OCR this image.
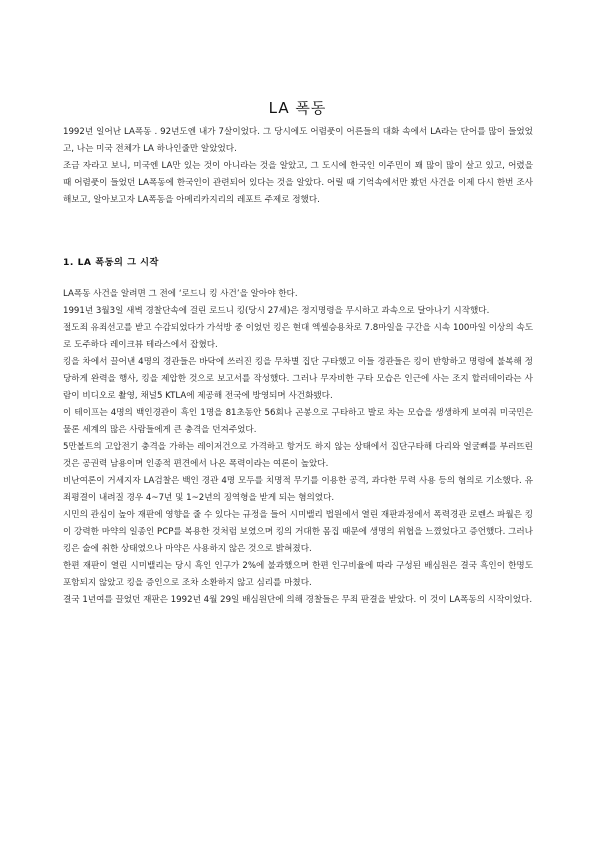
LA 폭동

1992년 일어난 LA폭동 . 92년도엔 내가 7살이었다. 그 당시에도 어렴풋이 어른들의 대화 속에서 LA라는 단어를 많이 들었었고, 나는 미국 전체가 LA 하나인줄만 알았었다.

조금 자라고 보니, 미국엔 LA만 있는 것이 아니라는 것을 알았고, 그 도시에 한국인 이주민이 꽤 많이 많이 살고 있고, 어렸을 때 어렴풋이 들었던 LA폭동에 한국인이 관련되어 있다는 것을 알았다. 어릴 때 기억속에서만 봤던 사건을 이제 다시 한번 조사해보고, 알아보고자 LA폭동을 아메리카지리의 레포트 주제로 정했다.

1. LA 폭동의 그 시작

LA폭동 사건을 알려면 그 전에 ‘로드니 킹 사건’을 알아야 한다.

1991년 3월3일 새벽 경찰단속에 걸린 로드니 킹(당시 27세)은 정지명령을 무시하고 과속으로 달아나기 시작했다.

절도죄 유죄선고를 받고 수감되었다가 가석방 중 이었던 킹은 현대 엑셀승용차로 7.8마일을 구간을 시속 100마일 이상의 속도로 도주하다 레이크뷰 테라스에서 잡혔다.

킹을 차에서 끌어낸 4명의 경관들은 바닥에 쓰러진 킹을 무차별 집단 구타했고 이들 경관들은 킹이 반항하고 명령에 불복해 정당하게 완력을 행사, 킹을 제압한 것으로 보고서를 작성했다. 그러나 무자비한 구타 모습은 인근에 사는 조지 할러데이라는 사람이 비디오로 촬영, 채널5 KTLA에 제공해 전국에 방영되며 사건화됐다.

이 테이프는 4명의 백인경관이 흑인 1명을 81초동안 56회나 곤봉으로 구타하고 발로 차는 모습을 생생하게 보여줘 미국민은 물론 세계의 많은 사람들에게 큰 충격을 던져주었다.

5만볼트의 고압전기 충격을 가하는 레이저건으로 가격하고 항거도 하지 않는 상태에서 집단구타해 다리와 얼굴뼈를 부러뜨린 것은 공권력 남용이며 인종적 편견에서 나온 폭력이라는 여론이 높았다.

비난여론이 거세지자 LA검찰은 백인 경관 4명 모두를 치명적 무기를 이용한 공격, 과다한 무력 사용 등의 혐의로 기소했다. 유죄평결이 내려질 경우 4~7년 및 1~2년의 징역형을 받게 되는 혐의였다.

시민의 관심이 높아 재판에 영향을 줄 수 있다는 규정을 들어 시미밸리 법원에서 열린 재판과정에서 폭력경관 로렌스 파월은 킹이 강력한 마약의 일종인 PCP를 복용한 것처럼 보였으며 킹의 거대한 몸집 때문에 생명의 위협을 느꼈었다고 증언했다. 그러나 킹은 술에 취한 상태였으나 마약은 사용하지 않은 것으로 밝혀졌다.

한편 재판이 열린 시미밸리는 당시 흑인 인구가 2%에 불과했으며 한편 인구비율에 따라 구성된 배심원은 결국 흑인이 한명도 포함되지 않았고 킹을 증인으로 조차 소환하지 않고 심리를 마쳤다.

결국 1년여를 끌었던 재판은 1992년 4월 29일 배심원단에 의해 경찰들은 무죄 판결을 받았다. 이 것이 LA폭동의 시작이었다.
